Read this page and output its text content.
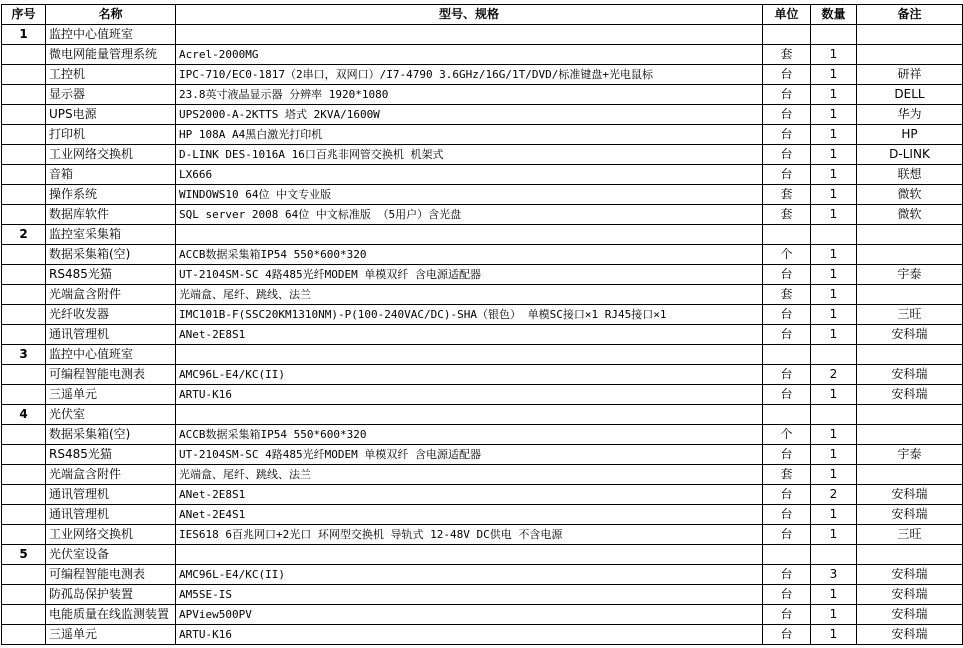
序号	名称	型号、规格	单位	数量	备注
1	监控中心值班室				
	微电网能量管理系统	Acrel-2000MG	套	1	
	工控机	IPC-710/EC0-1817（2串口，双网口）/I7-4790 3.6GHz/16G/1T/DVD/标准键盘+光电鼠标	台	1	研祥
	显示器	23.8英寸液晶显示器 分辨率 1920*1080	台	1	DELL
	UPS电源	UPS2000-A-2KTTS 塔式 2KVA/1600W	台	1	华为
	打印机	HP 108A A4黑白激光打印机	台	1	HP
	工业网络交换机	D-LINK DES-1016A 16口百兆非网管交换机 机架式	台	1	D-LINK
	音箱	LX666	台	1	联想
	操作系统	WINDOWS10 64位 中文专业版	套	1	微软
	数据库软件	SQL server 2008 64位 中文标准版 （5用户）含光盘	套	1	微软
2	监控室采集箱				
	数据采集箱(空)	ACCB数据采集箱IP54 550*600*320	个	1	
	RS485光猫	UT-2104SM-SC 4路485光纤MODEM 单模双纤 含电源适配器	台	1	宇泰
	光端盒含附件	光端盒、尾纤、跳线、法兰	套	1	
	光纤收发器	IMC101B-F(SSC20KM1310NM)-P(100-240VAC/DC)-SHA（银色） 单模SC接口×1 RJ45接口×1	台	1	三旺
	通讯管理机	ANet-2E8S1	台	1	安科瑞
3	监控中心值班室				
	可编程智能电测表	AMC96L-E4/KC(II)	台	2	安科瑞
	三遥单元	ARTU-K16	台	1	安科瑞
4	光伏室				
	数据采集箱(空)	ACCB数据采集箱IP54 550*600*320	个	1	
	RS485光猫	UT-2104SM-SC 4路485光纤MODEM 单模双纤 含电源适配器	台	1	宇泰
	光端盒含附件	光端盒、尾纤、跳线、法兰	套	1	
	通讯管理机	ANet-2E8S1	台	2	安科瑞
	通讯管理机	ANet-2E4S1	台	1	安科瑞
	工业网络交换机	IES618 6百兆网口+2光口 环网型交换机 导轨式 12-48V DC供电 不含电源	台	1	三旺
5	光伏室设备				
	可编程智能电测表	AMC96L-E4/KC(II)	台	3	安科瑞
	防孤岛保护装置	AM5SE-IS	台	1	安科瑞
	电能质量在线监测装置	APView500PV	台	1	安科瑞
	三遥单元	ARTU-K16	台	1	安科瑞
